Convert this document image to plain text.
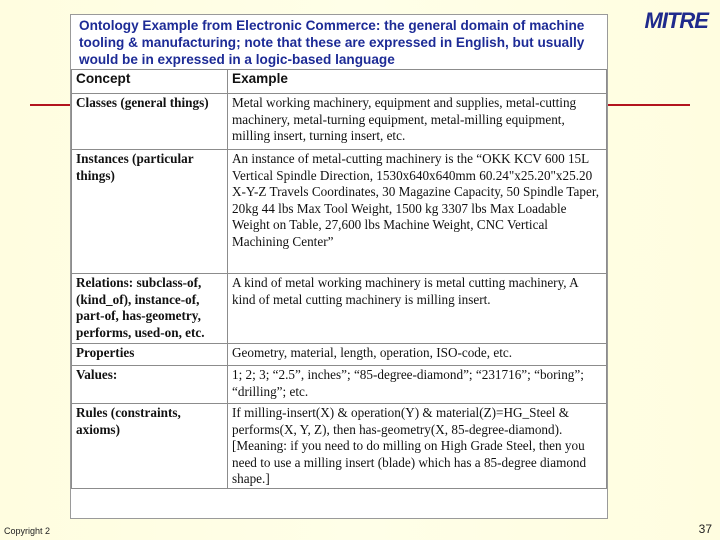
MITRE
Ontology Example from Electronic Commerce: the general domain of machine tooling & manufacturing; note that these are expressed in English, but usually would be in expressed in a logic-based language
Concept	Example
Classes (general things)	Metal working machinery, equipment and supplies, metal-cutting machinery, metal-turning equipment, metal-milling equipment, milling insert, turning insert, etc.
Instances (particular things)	An instance of metal-cutting machinery is the “OKK KCV 600 15L Vertical Spindle Direction, 1530x640x640mm 60.24"x25.20"x25.20 X-Y-Z Travels Coordinates, 30 Magazine Capacity, 50 Spindle Taper, 20kg 44 lbs Max Tool Weight, 1500 kg 3307 lbs Max Loadable Weight on Table, 27,600 lbs Machine Weight, CNC Vertical Machining Center”
Relations: subclass-of, (kind_of), instance-of, part-of, has-geometry, performs, used-on, etc.	A kind of metal working machinery is metal cutting machinery, A kind of metal cutting machinery is milling insert.
Properties	Geometry, material, length, operation, ISO-code, etc.
Values:	1; 2; 3; “2.5”, inches”; “85-degree-diamond”; “231716”; “boring”; “drilling”; etc.
Rules (constraints, axioms)	If milling-insert(X) & operation(Y) & material(Z)=HG_Steel & performs(X, Y, Z), then has-geometry(X, 85-degree-diamond). [Meaning: if you need to do milling on High Grade Steel, then you need to use a milling insert (blade) which has a 85-degree diamond shape.]
Copyright 2	37
